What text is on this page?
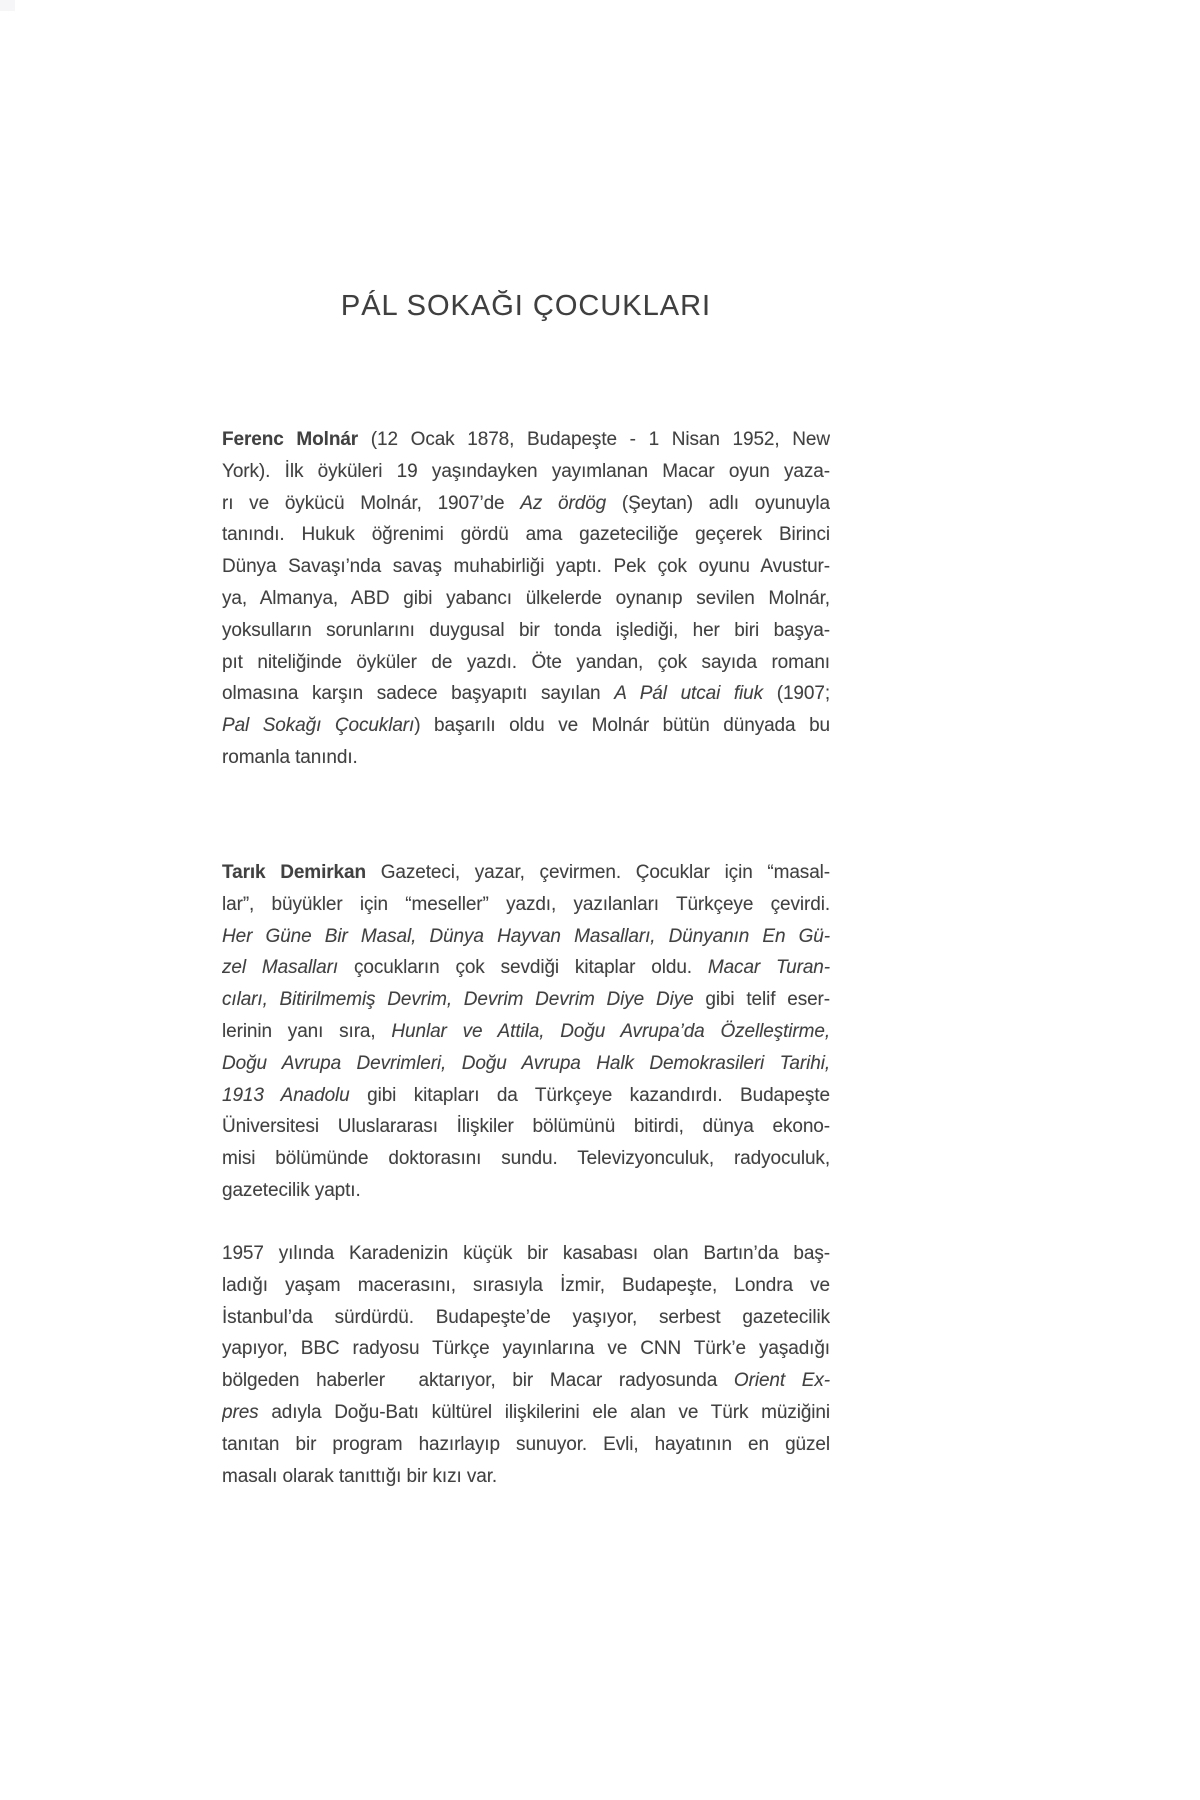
PÁL SOKAĞI ÇOCUKLARI
Ferenc Molnár (12 Ocak 1878, Budapeşte - 1 Nisan 1952, New
York). İlk öyküleri 19 yaşındayken yayımlanan Macar oyun yaza-
rı ve öykücü Molnár, 1907’de Az ördög (Şeytan) adlı oyunuyla
tanındı. Hukuk öğrenimi gördü ama gazeteciliğe geçerek Birinci
Dünya Savaşı’nda savaş muhabirliği yaptı. Pek çok oyunu Avustur-
ya, Almanya, ABD gibi yabancı ülkelerde oynanıp sevilen Molnár,
yoksulların sorunlarını duygusal bir tonda işlediği, her biri başya-
pıt niteliğinde öyküler de yazdı. Öte yandan, çok sayıda romanı
olmasına karşın sadece başyapıtı sayılan A Pál utcai fiuk (1907;
Pal Sokağı Çocukları) başarılı oldu ve Molnár bütün dünyada bu
romanla tanındı.
Tarık Demirkan Gazeteci, yazar, çevirmen. Çocuklar için “masal-
lar”, büyükler için “meseller” yazdı, yazılanları Türkçeye çevirdi.
Her Güne Bir Masal, Dünya Hayvan Masalları, Dünyanın En Gü-
zel Masalları çocukların çok sevdiği kitaplar oldu. Macar Turan-
cıları, Bitirilmemiş Devrim, Devrim Devrim Diye Diye gibi telif eser-
lerinin yanı sıra, Hunlar ve Attila, Doğu Avrupa’da Özelleştirme,
Doğu Avrupa Devrimleri, Doğu Avrupa Halk Demokrasileri Tarihi,
1913 Anadolu gibi kitapları da Türkçeye kazandırdı. Budapeşte
Üniversitesi Uluslararası İlişkiler bölümünü bitirdi, dünya ekono-
misi bölümünde doktorasını sundu. Televizyonculuk, radyoculuk,
gazetecilik yaptı.
1957 yılında Karadenizin küçük bir kasabası olan Bartın’da baş-
ladığı yaşam macerasını, sırasıyla İzmir, Budapeşte, Londra ve
İstanbul’da sürdürdü. Budapeşte’de yaşıyor, serbest gazetecilik
yapıyor, BBC radyosu Türkçe yayınlarına ve CNN Türk’e yaşadığı
bölgeden haberler  aktarıyor, bir Macar radyosunda Orient Ex-
pres adıyla Doğu-Batı kültürel ilişkilerini ele alan ve Türk müziğini
tanıtan bir program hazırlayıp sunuyor. Evli, hayatının en güzel
masalı olarak tanıttığı bir kızı var.
